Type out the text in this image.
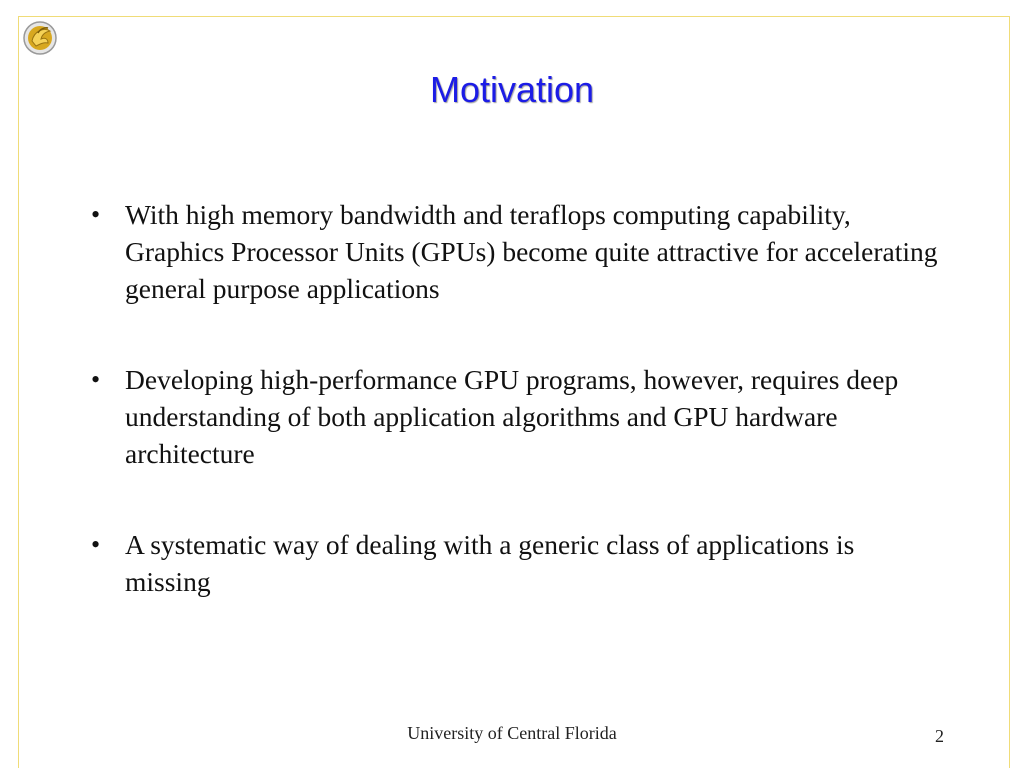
Motivation
• With high memory bandwidth and teraflops computing capability, Graphics Processor Units (GPUs) become quite attractive for accelerating general purpose applications
• Developing high-performance GPU programs, however, requires deep understanding of both application algorithms and GPU hardware architecture
• A systematic way of dealing with a generic class of applications is missing
University of Central Florida	2
